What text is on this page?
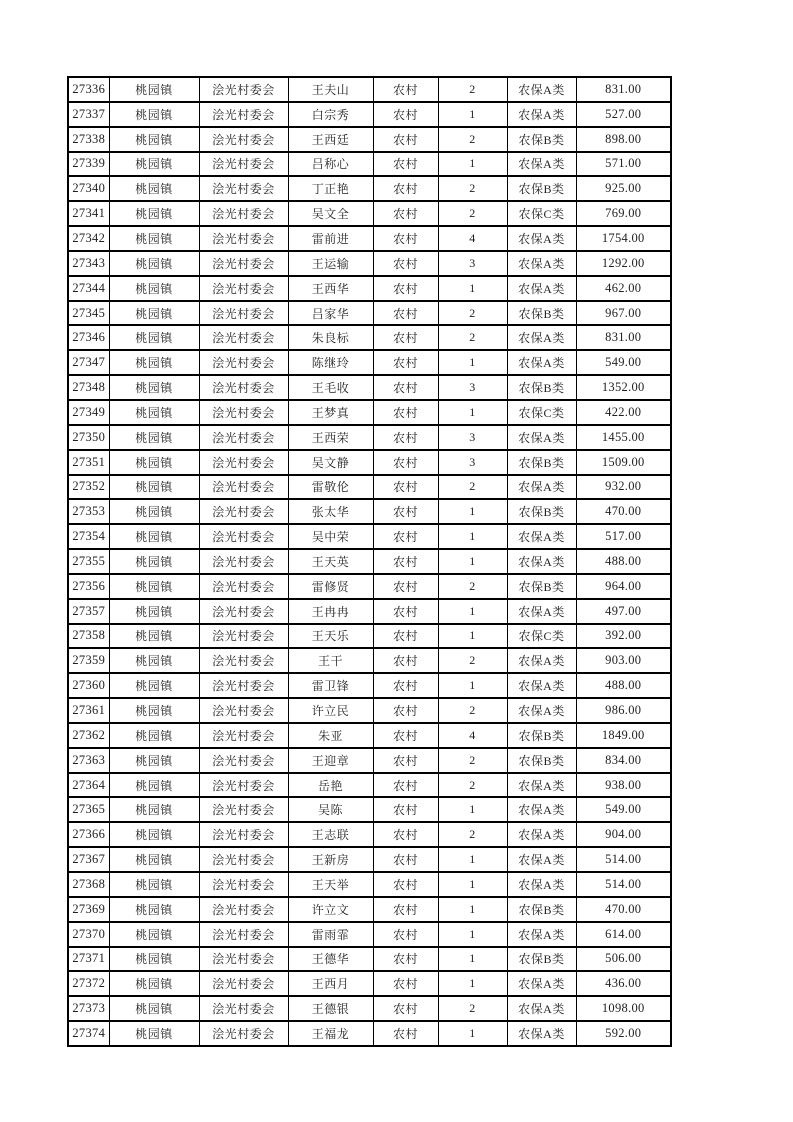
27336	桃园镇	浍光村委会	王夫山	农村	2	农保A类	831.00
27337	桃园镇	浍光村委会	白宗秀	农村	1	农保A类	527.00
27338	桃园镇	浍光村委会	王西廷	农村	2	农保B类	898.00
27339	桃园镇	浍光村委会	吕称心	农村	1	农保A类	571.00
27340	桃园镇	浍光村委会	丁正艳	农村	2	农保B类	925.00
27341	桃园镇	浍光村委会	吴文全	农村	2	农保C类	769.00
27342	桃园镇	浍光村委会	雷前进	农村	4	农保A类	1754.00
27343	桃园镇	浍光村委会	王运输	农村	3	农保A类	1292.00
27344	桃园镇	浍光村委会	王西华	农村	1	农保A类	462.00
27345	桃园镇	浍光村委会	吕家华	农村	2	农保B类	967.00
27346	桃园镇	浍光村委会	朱良标	农村	2	农保A类	831.00
27347	桃园镇	浍光村委会	陈继玲	农村	1	农保A类	549.00
27348	桃园镇	浍光村委会	王毛收	农村	3	农保B类	1352.00
27349	桃园镇	浍光村委会	王梦真	农村	1	农保C类	422.00
27350	桃园镇	浍光村委会	王西荣	农村	3	农保A类	1455.00
27351	桃园镇	浍光村委会	吴文静	农村	3	农保B类	1509.00
27352	桃园镇	浍光村委会	雷敬伦	农村	2	农保A类	932.00
27353	桃园镇	浍光村委会	张太华	农村	1	农保B类	470.00
27354	桃园镇	浍光村委会	吴中荣	农村	1	农保A类	517.00
27355	桃园镇	浍光村委会	王天英	农村	1	农保A类	488.00
27356	桃园镇	浍光村委会	雷修贤	农村	2	农保B类	964.00
27357	桃园镇	浍光村委会	王冉冉	农村	1	农保A类	497.00
27358	桃园镇	浍光村委会	王天乐	农村	1	农保C类	392.00
27359	桃园镇	浍光村委会	王干	农村	2	农保A类	903.00
27360	桃园镇	浍光村委会	雷卫锋	农村	1	农保A类	488.00
27361	桃园镇	浍光村委会	许立民	农村	2	农保A类	986.00
27362	桃园镇	浍光村委会	朱亚	农村	4	农保B类	1849.00
27363	桃园镇	浍光村委会	王迎章	农村	2	农保B类	834.00
27364	桃园镇	浍光村委会	岳艳	农村	2	农保A类	938.00
27365	桃园镇	浍光村委会	吴陈	农村	1	农保A类	549.00
27366	桃园镇	浍光村委会	王志联	农村	2	农保A类	904.00
27367	桃园镇	浍光村委会	王新房	农村	1	农保A类	514.00
27368	桃园镇	浍光村委会	王天举	农村	1	农保A类	514.00
27369	桃园镇	浍光村委会	许立文	农村	1	农保B类	470.00
27370	桃园镇	浍光村委会	雷雨霏	农村	1	农保A类	614.00
27371	桃园镇	浍光村委会	王德华	农村	1	农保B类	506.00
27372	桃园镇	浍光村委会	王西月	农村	1	农保A类	436.00
27373	桃园镇	浍光村委会	王德银	农村	2	农保A类	1098.00
27374	桃园镇	浍光村委会	王福龙	农村	1	农保A类	592.00
